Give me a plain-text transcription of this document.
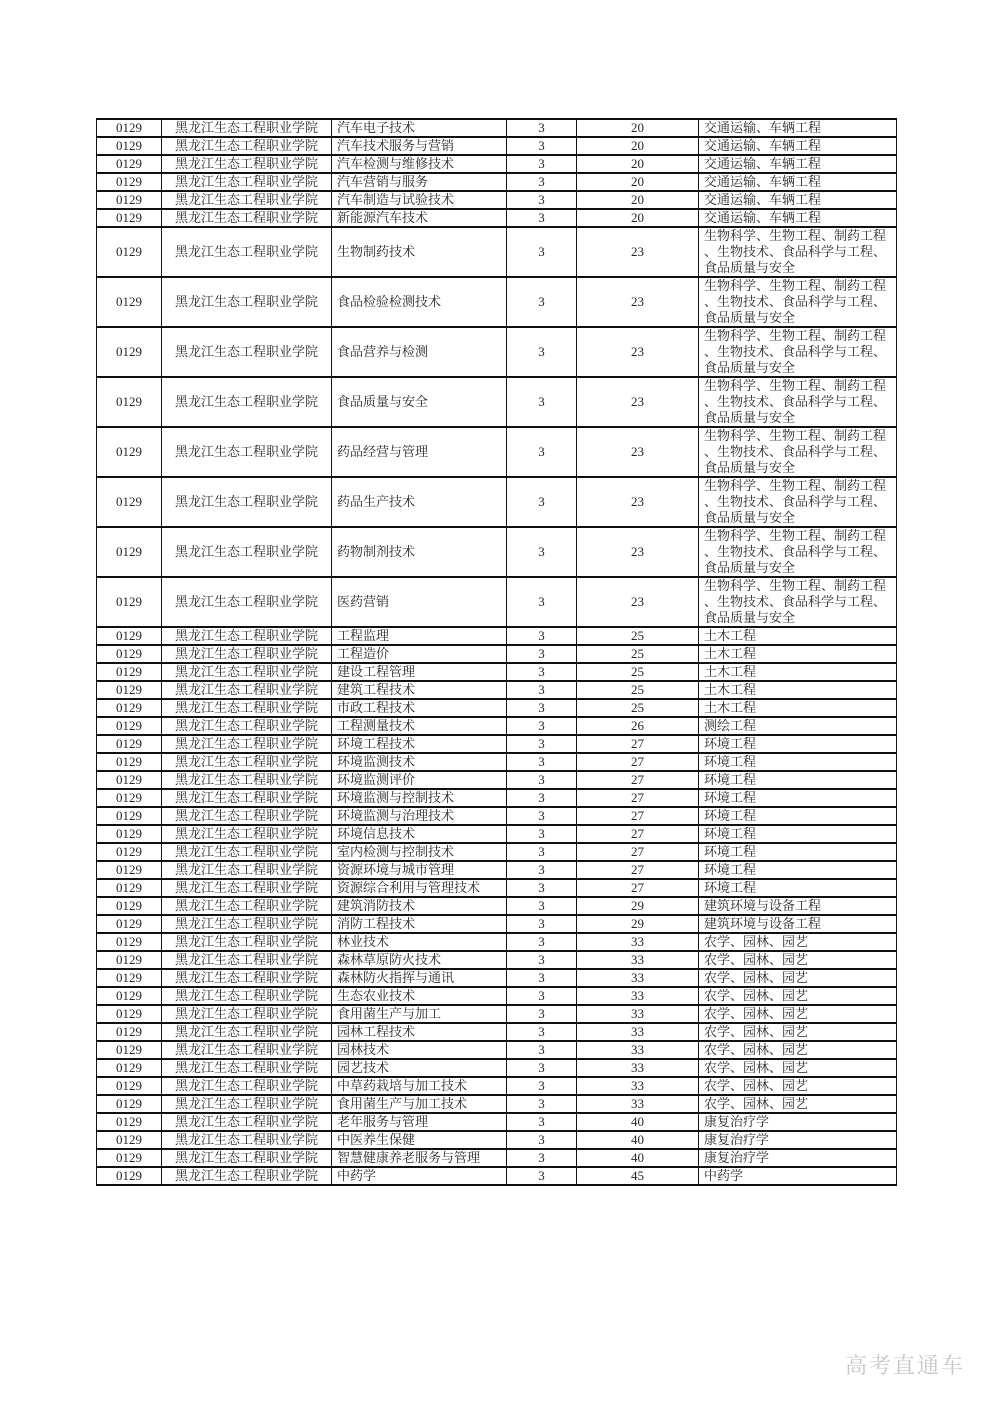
0129	黑龙江生态工程职业学院	汽车电子技术	3	20	交通运输、车辆工程
0129	黑龙江生态工程职业学院	汽车技术服务与营销	3	20	交通运输、车辆工程
0129	黑龙江生态工程职业学院	汽车检测与维修技术	3	20	交通运输、车辆工程
0129	黑龙江生态工程职业学院	汽车营销与服务	3	20	交通运输、车辆工程
0129	黑龙江生态工程职业学院	汽车制造与试验技术	3	20	交通运输、车辆工程
0129	黑龙江生态工程职业学院	新能源汽车技术	3	20	交通运输、车辆工程
0129	黑龙江生态工程职业学院	生物制药技术	3	23	生物科学、生物工程、制药工程、生物技术、食品科学与工程、食品质量与安全
0129	黑龙江生态工程职业学院	食品检验检测技术	3	23	生物科学、生物工程、制药工程、生物技术、食品科学与工程、食品质量与安全
0129	黑龙江生态工程职业学院	食品营养与检测	3	23	生物科学、生物工程、制药工程、生物技术、食品科学与工程、食品质量与安全
0129	黑龙江生态工程职业学院	食品质量与安全	3	23	生物科学、生物工程、制药工程、生物技术、食品科学与工程、食品质量与安全
0129	黑龙江生态工程职业学院	药品经营与管理	3	23	生物科学、生物工程、制药工程、生物技术、食品科学与工程、食品质量与安全
0129	黑龙江生态工程职业学院	药品生产技术	3	23	生物科学、生物工程、制药工程、生物技术、食品科学与工程、食品质量与安全
0129	黑龙江生态工程职业学院	药物制剂技术	3	23	生物科学、生物工程、制药工程、生物技术、食品科学与工程、食品质量与安全
0129	黑龙江生态工程职业学院	医药营销	3	23	生物科学、生物工程、制药工程、生物技术、食品科学与工程、食品质量与安全
0129	黑龙江生态工程职业学院	工程监理	3	25	土木工程
0129	黑龙江生态工程职业学院	工程造价	3	25	土木工程
0129	黑龙江生态工程职业学院	建设工程管理	3	25	土木工程
0129	黑龙江生态工程职业学院	建筑工程技术	3	25	土木工程
0129	黑龙江生态工程职业学院	市政工程技术	3	25	土木工程
0129	黑龙江生态工程职业学院	工程测量技术	3	26	测绘工程
0129	黑龙江生态工程职业学院	环境工程技术	3	27	环境工程
0129	黑龙江生态工程职业学院	环境监测技术	3	27	环境工程
0129	黑龙江生态工程职业学院	环境监测评价	3	27	环境工程
0129	黑龙江生态工程职业学院	环境监测与控制技术	3	27	环境工程
0129	黑龙江生态工程职业学院	环境监测与治理技术	3	27	环境工程
0129	黑龙江生态工程职业学院	环境信息技术	3	27	环境工程
0129	黑龙江生态工程职业学院	室内检测与控制技术	3	27	环境工程
0129	黑龙江生态工程职业学院	资源环境与城市管理	3	27	环境工程
0129	黑龙江生态工程职业学院	资源综合利用与管理技术	3	27	环境工程
0129	黑龙江生态工程职业学院	建筑消防技术	3	29	建筑环境与设备工程
0129	黑龙江生态工程职业学院	消防工程技术	3	29	建筑环境与设备工程
0129	黑龙江生态工程职业学院	林业技术	3	33	农学、园林、园艺
0129	黑龙江生态工程职业学院	森林草原防火技术	3	33	农学、园林、园艺
0129	黑龙江生态工程职业学院	森林防火指挥与通讯	3	33	农学、园林、园艺
0129	黑龙江生态工程职业学院	生态农业技术	3	33	农学、园林、园艺
0129	黑龙江生态工程职业学院	食用菌生产与加工	3	33	农学、园林、园艺
0129	黑龙江生态工程职业学院	园林工程技术	3	33	农学、园林、园艺
0129	黑龙江生态工程职业学院	园林技术	3	33	农学、园林、园艺
0129	黑龙江生态工程职业学院	园艺技术	3	33	农学、园林、园艺
0129	黑龙江生态工程职业学院	中草药栽培与加工技术	3	33	农学、园林、园艺
0129	黑龙江生态工程职业学院	食用菌生产与加工技术	3	33	农学、园林、园艺
0129	黑龙江生态工程职业学院	老年服务与管理	3	40	康复治疗学
0129	黑龙江生态工程职业学院	中医养生保健	3	40	康复治疗学
0129	黑龙江生态工程职业学院	智慧健康养老服务与管理	3	40	康复治疗学
0129	黑龙江生态工程职业学院	中药学	3	45	中药学
高考直通车
